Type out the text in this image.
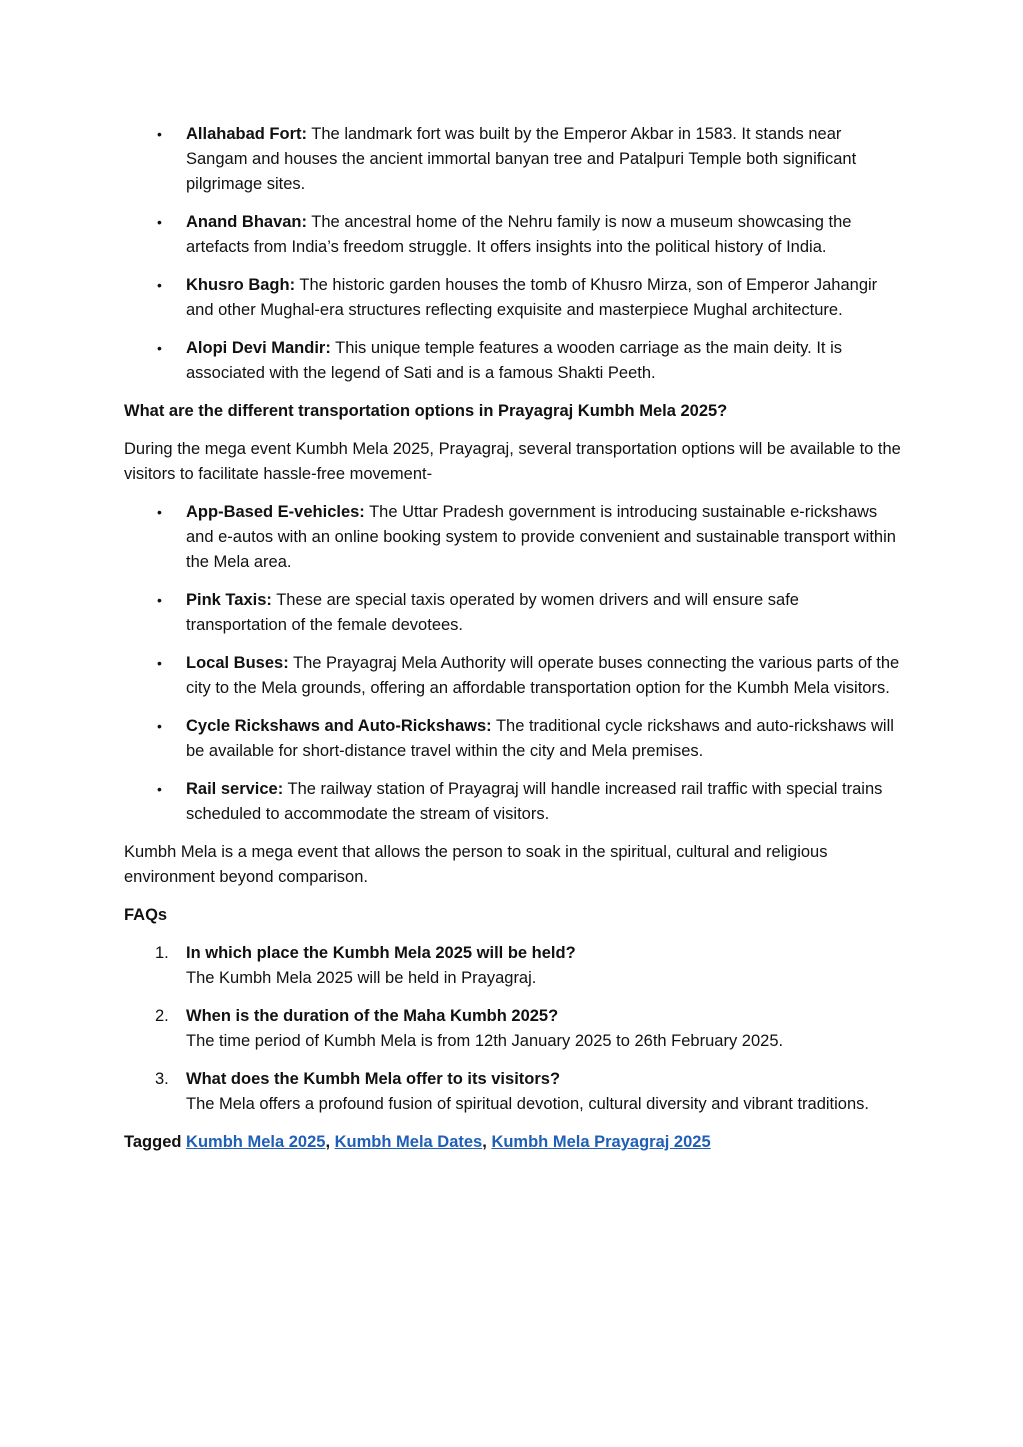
• Allahabad Fort: The landmark fort was built by the Emperor Akbar in 1583. It stands near Sangam and houses the ancient immortal banyan tree and Patalpuri Temple both significant pilgrimage sites.
• Anand Bhavan: The ancestral home of the Nehru family is now a museum showcasing the artefacts from India’s freedom struggle. It offers insights into the political history of India.
• Khusro Bagh: The historic garden houses the tomb of Khusro Mirza, son of Emperor Jahangir and other Mughal-era structures reflecting exquisite and masterpiece Mughal architecture.
• Alopi Devi Mandir: This unique temple features a wooden carriage as the main deity. It is associated with the legend of Sati and is a famous Shakti Peeth.

What are the different transportation options in Prayagraj Kumbh Mela 2025?

During the mega event Kumbh Mela 2025, Prayagraj, several transportation options will be available to the visitors to facilitate hassle-free movement-

• App-Based E-vehicles: The Uttar Pradesh government is introducing sustainable e-rickshaws and e-autos with an online booking system to provide convenient and sustainable transport within the Mela area.
• Pink Taxis: These are special taxis operated by women drivers and will ensure safe transportation of the female devotees.
• Local Buses: The Prayagraj Mela Authority will operate buses connecting the various parts of the city to the Mela grounds, offering an affordable transportation option for the Kumbh Mela visitors.
• Cycle Rickshaws and Auto-Rickshaws: The traditional cycle rickshaws and auto-rickshaws will be available for short-distance travel within the city and Mela premises.
• Rail service: The railway station of Prayagraj will handle increased rail traffic with special trains scheduled to accommodate the stream of visitors.

Kumbh Mela is a mega event that allows the person to soak in the spiritual, cultural and religious environment beyond comparison.

FAQs

1. In which place the Kumbh Mela 2025 will be held?
The Kumbh Mela 2025 will be held in Prayagraj.
2. When is the duration of the Maha Kumbh 2025?
The time period of Kumbh Mela is from 12th January 2025 to 26th February 2025.
3. What does the Kumbh Mela offer to its visitors?
The Mela offers a profound fusion of spiritual devotion, cultural diversity and vibrant traditions.

Tagged Kumbh Mela 2025, Kumbh Mela Dates, Kumbh Mela Prayagraj 2025
